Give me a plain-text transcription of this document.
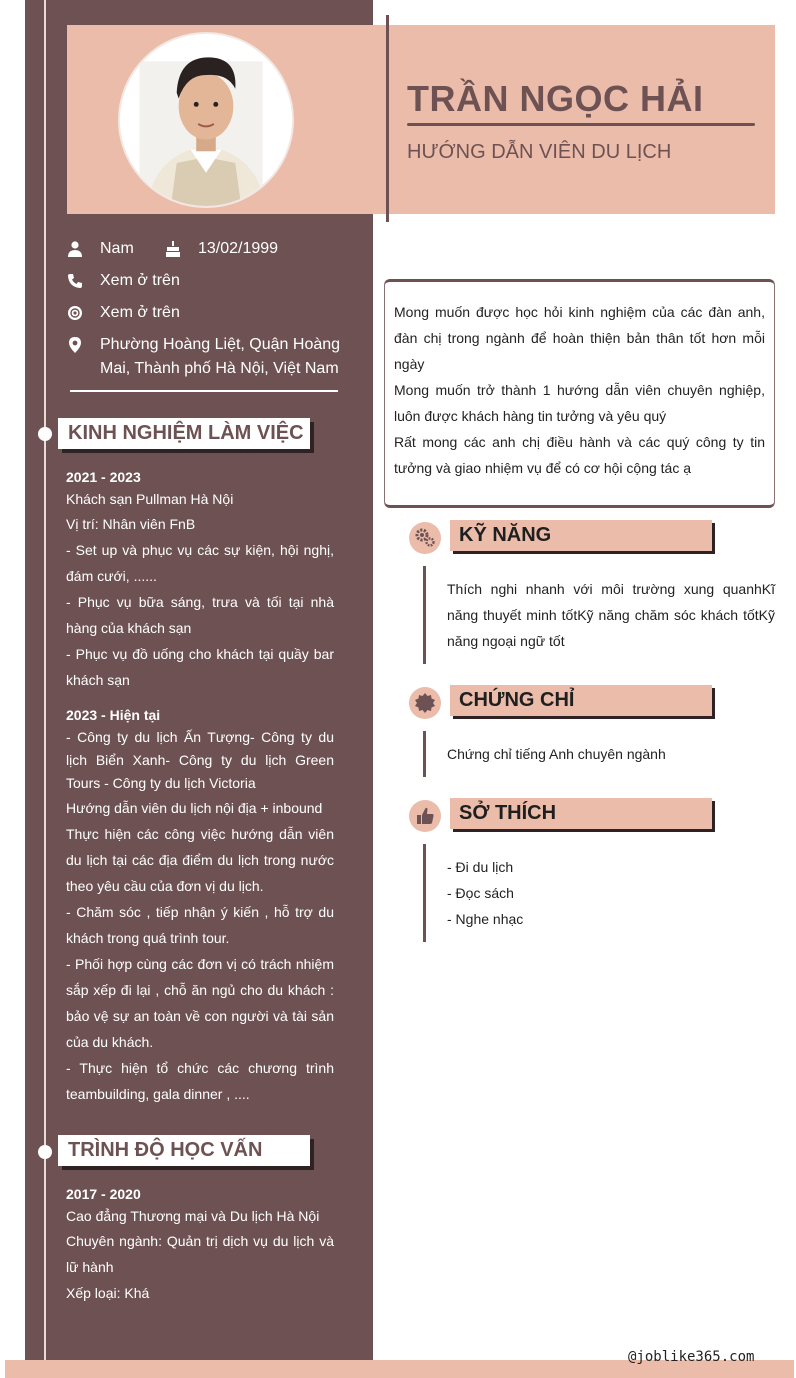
TRẦN NGỌC HẢI
HƯỚNG DẪN VIÊN DU LỊCH
Nam	13/02/1999
Xem ở trên
Xem ở trên
Phường Hoàng Liệt, Quận Hoàng
Mai, Thành phố Hà Nội, Việt Nam
KINH NGHIỆM LÀM VIỆC

2021 - 2023

Khách sạn Pullman Hà Nội

Vị trí: Nhân viên FnB

- Set up và phục vụ các sự kiện, hội nghị, đám cưới, ......

- Phục vụ bữa sáng, trưa và tối tại nhà hàng của khách sạn

- Phục vụ đồ uống cho khách tại quầy bar khách sạn

2023 - Hiện tại

- Công ty du lịch Ấn Tượng- Công ty du lịch Biển Xanh- Công ty du lịch Green Tours - Công ty du lịch Victoria

Hướng dẫn viên du lịch nội địa + inbound

Thực hiện các công việc hướng dẫn viên du lịch tại các địa điểm du lịch trong nước theo yêu cầu của đơn vị du lịch.

- Chăm sóc , tiếp nhận ý kiến , hỗ trợ du khách trong quá trình tour.

- Phối hợp cùng các đơn vị có trách nhiệm sắp xếp đi lại , chỗ ăn ngủ cho du khách : bảo vệ sự an toàn về con người và tài sản của du khách.

- Thực hiện tổ chức các chương trình teambuilding, gala dinner , ....

TRÌNH ĐỘ HỌC VẤN

2017 - 2020

Cao đẳng Thương mại và Du lịch Hà Nội

Chuyên ngành: Quản trị dịch vụ du lịch và lữ hành

Xếp loại: Khá

Mong muốn được học hỏi kinh nghiệm của các đàn anh, đàn chị trong ngành để hoàn thiện bản thân tốt hơn mỗi ngày

Mong muốn trở thành 1 hướng dẫn viên chuyên nghiệp, luôn được khách hàng tin tưởng và yêu quý

Rất mong các anh chị điều hành và các quý công ty tin tưởng và giao nhiệm vụ để có cơ hội cộng tác ạ

KỸ NĂNG

Thích nghi nhanh với môi trường xung quanhKĩ năng thuyết minh tốtKỹ năng chăm sóc khách tốtKỹ năng ngoại ngữ tốt

CHỨNG CHỈ

Chứng chỉ tiếng Anh chuyên ngành

SỞ THÍCH

- Đi du lịch

- Đọc sách

- Nghe nhạc

@joblike365.com
